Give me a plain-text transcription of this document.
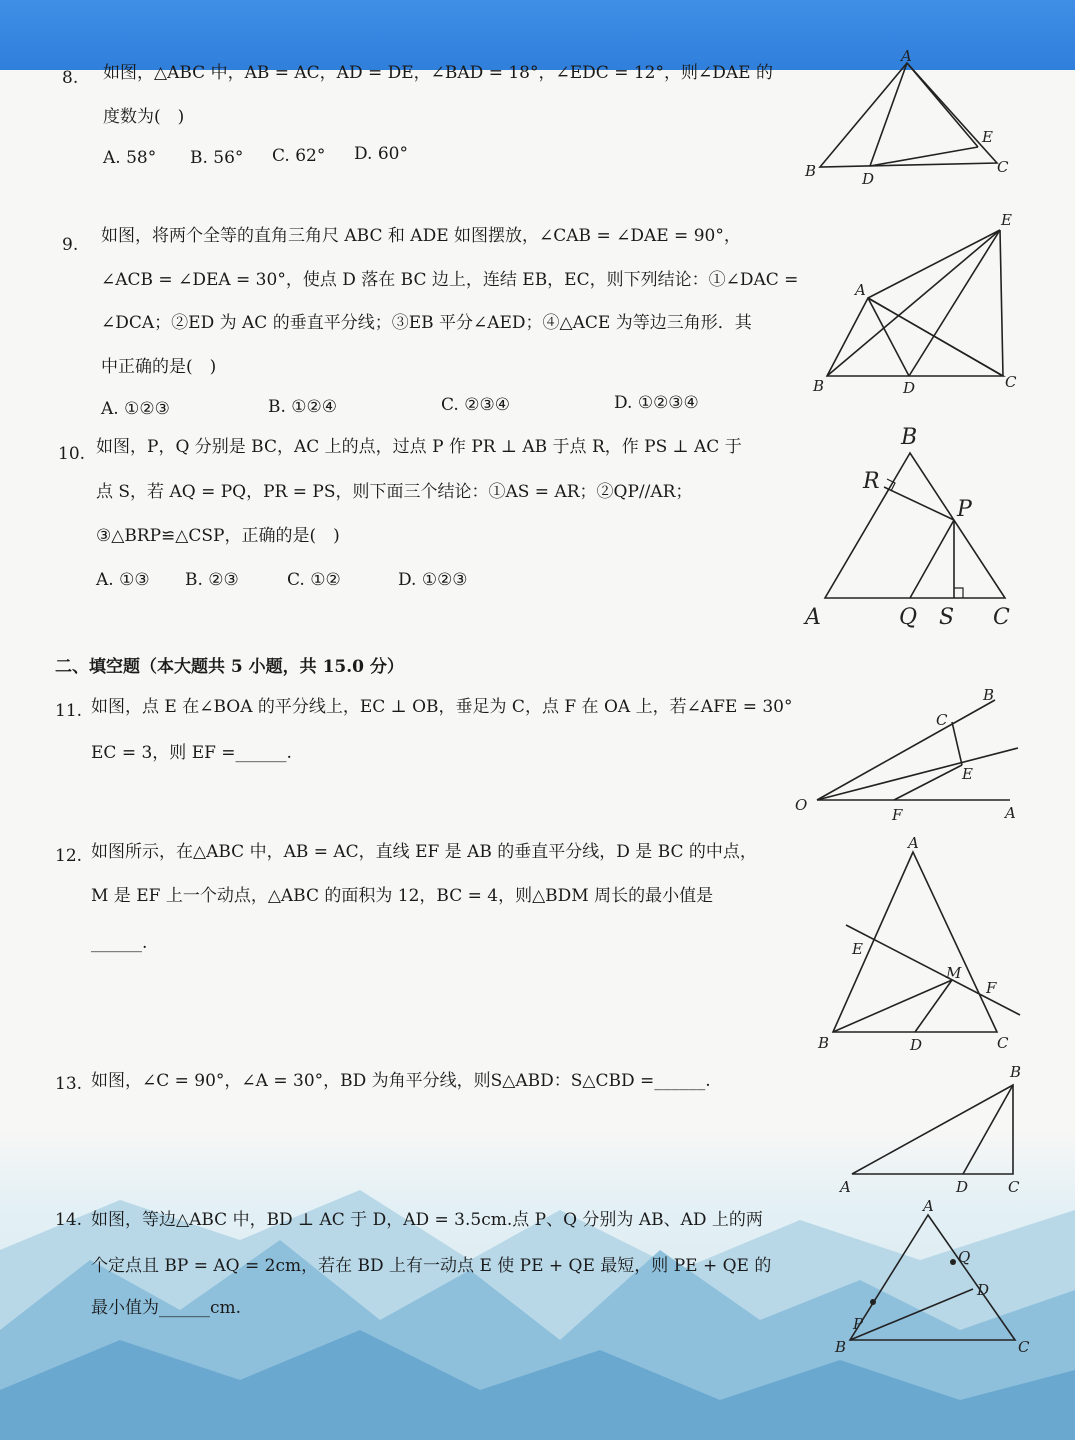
8. 如图，△ABC 中，AB = AC，AD = DE，∠BAD = 18°，∠EDC = 12°，则∠DAE 的
度数为(　)
A. 58° B. 56° C. 62° D. 60°
A
B	C
D
E
9. 如图，将两个全等的直角三角尺 ABC 和 ADE 如图摆放，∠CAB = ∠DAE = 90°，
∠ACB = ∠DEA = 30°，使点 D 落在 BC 边上，连结 EB，EC，则下列结论：①∠DAC =
∠DCA；②ED 为 AC 的垂直平分线；③EB 平分∠AED；④△ACE 为等边三角形．其
中正确的是(　)
A. ①②③	B. ①②④	C. ②③④	D. ①②③④
E
A
B	D	C
10. 如图，P，Q 分别是 BC，AC 上的点，过点 P 作 PR ⊥ AB 于点 R，作 PS ⊥ AC 于
点 S，若 AQ = PQ，PR = PS，则下面三个结论：①AS = AR；②QP//AR；
③△BRP≌△CSP，正确的是(　)
A. ①③ B. ②③	C. ①②	D. ①②③
B
R
P
A	Q S C
二、填空题（本大题共 5 小题，共 15.0 分）
11. 如图，点 E 在∠BOA 的平分线上，EC ⊥ OB，垂足为 C，点 F 在 OA 上，若∠AFE = 30°
EC = 3，则 EF =______.
B
C
E
O
F	A
12. 如图所示，在△ABC 中，AB = AC，直线 EF 是 AB 的垂直平分线，D 是 BC 的中点，
M 是 EF 上一个动点，△ABC 的面积为 12，BC = 4，则△BDM 周长的最小值是
______.
A
E
M
F
B	D	C
13. 如图，∠C = 90°，∠A = 30°，BD 为角平分线，则S△ABD：S△CBD =______.	B
A	D	C
14. 如图，等边△ABC 中，BD ⊥ AC 于 D，AD = 3.5cm.点 P、Q 分别为 AB、AD 上的两
个定点且 BP = AQ = 2cm，若在 BD 上有一动点 E 使 PE + QE 最短，则 PE + QE 的
最小值为______cm.
A
Q
D
P
B	C
